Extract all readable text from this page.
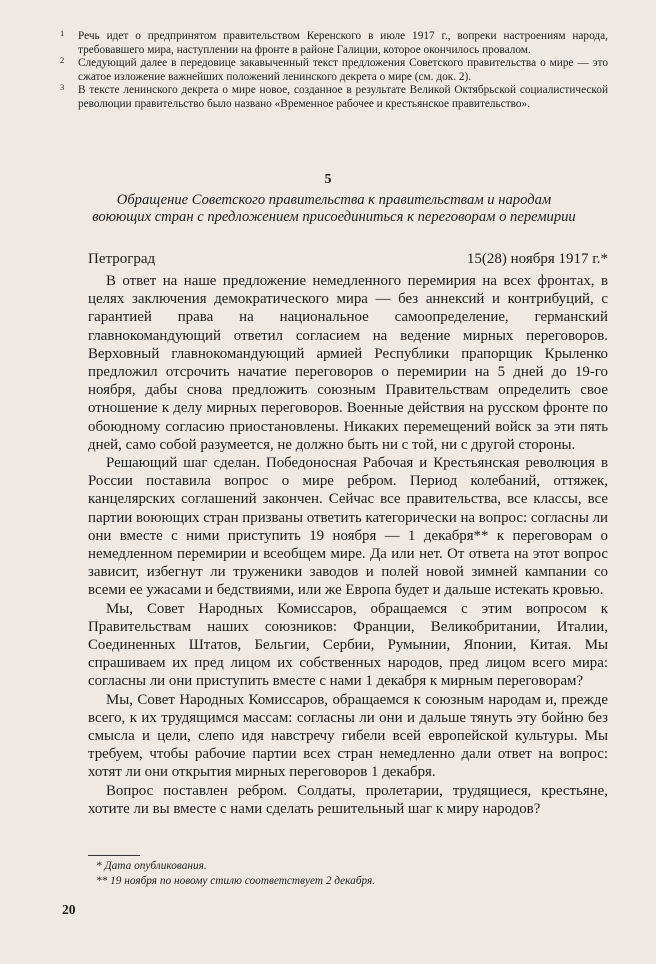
1 Речь идет о предпринятом правительством Керенского в июле 1917 г., вопреки настроениям народа, требовавшего мира, наступлении на фронте в районе Галиции, которое окончилось провалом.

2 Следующий далее в передовице закавыченный текст предложения Советского правительства о мире — это сжатое изложение важнейших положений ленинского декрета о мире (см. док. 2).

3 В тексте ленинского декрета о мире новое, созданное в результате Великой Октябрьской социалистической революции правительство было названо «Временное рабочее и крестьянское правительство».

5
Обращение Советского правительства к правительствам и народам воюющих стран с предложением присоединиться к переговорам о перемирии
Петроград	15(28) ноября 1917 г.*

В ответ на наше предложение немедленного перемирия на всех фронтах, в целях заключения демократического мира — без аннексий и контрибуций, с гарантией права на национальное самоопределение, германский главнокомандующий ответил согласием на ведение мирных переговоров. Верховный главнокомандующий армией Республики прапорщик Крыленко предложил отсрочить начатие переговоров о перемирии на 5 дней до 19-го ноября, дабы снова предложить союзным Правительствам определить свое отношение к делу мирных переговоров. Военные действия на русском фронте по обоюдному согласию приостановлены. Никаких перемещений войск за эти пять дней, само собой разумеется, не должно быть ни с той, ни с другой стороны.

Решающий шаг сделан. Победоносная Рабочая и Крестьянская революция в России поставила вопрос о мире ребром. Период колебаний, оттяжек, канцелярских соглашений закончен. Сейчас все правительства, все классы, все партии воюющих стран призваны ответить категорически на вопрос: согласны ли они вместе с ними приступить 19 ноября — 1 декабря** к переговорам о немедленном перемирии и всеобщем мире. Да или нет. От ответа на этот вопрос зависит, избегнут ли труженики заводов и полей новой зимней кампании со всеми ее ужасами и бедствиями, или же Европа будет и дальше истекать кровью.

Мы, Совет Народных Комиссаров, обращаемся с этим вопросом к Правительствам наших союзников: Франции, Великобритании, Италии, Соединенных Штатов, Бельгии, Сербии, Румынии, Японии, Китая. Мы спрашиваем их пред лицом их собственных народов, пред лицом всего мира: согласны ли они приступить вместе с нами 1 декабря к мирным переговорам?

Мы, Совет Народных Комиссаров, обращаемся к союзным народам и, прежде всего, к их трудящимся массам: согласны ли они и дальше тянуть эту бойню без смысла и цели, слепо идя навстречу гибели всей европейской культуры. Мы требуем, чтобы рабочие партии всех стран немедленно дали ответ на вопрос: хотят ли они открытия мирных переговоров 1 декабря.

Вопрос поставлен ребром. Солдаты, пролетарии, трудящиеся, крестьяне, хотите ли вы вместе с нами сделать решительный шаг к миру народов?

* Дата опубликования.

** 19 ноября по новому стилю соответствует 2 декабря.

20
